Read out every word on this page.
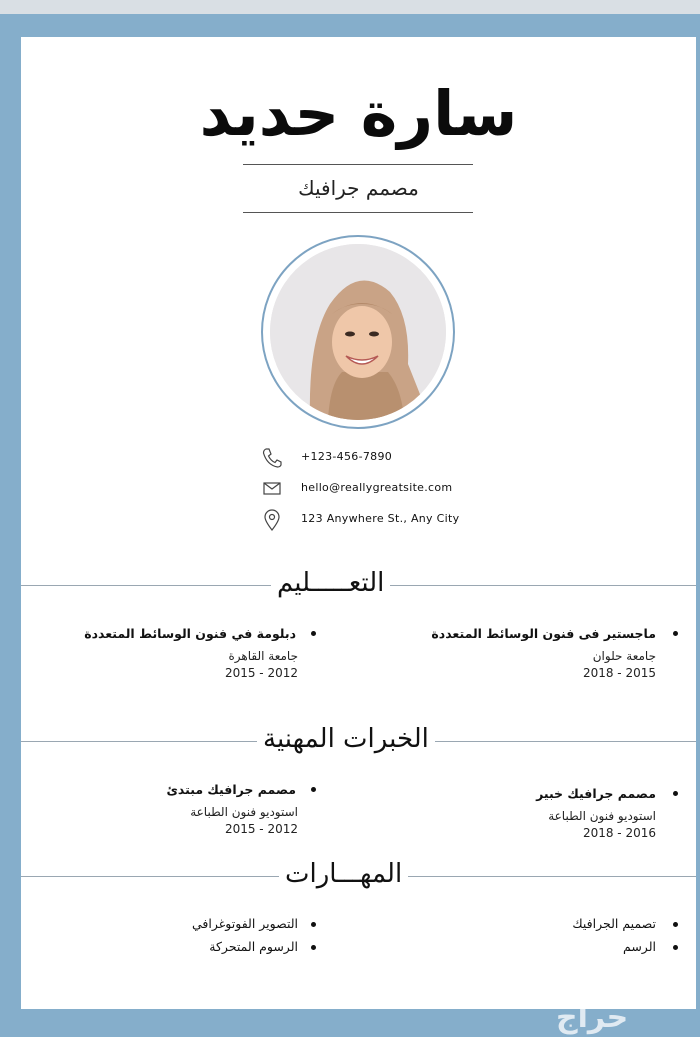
سارة حديد
مصمم جرافيك
+123-456-7890
hello@reallygreatsite.com
123 Anywhere St., Any City
التعـــــليم
ماجستير فى فنون الوسائط المتعددة
جامعة حلوان
2015 - 2018
دبلومة في فنون الوسائط المتعددة
جامعة القاهرة
2012 - 2015
الخبرات المهنية
مصمم جرافيك خبير
استوديو فنون الطباعة
2016 - 2018
مصمم جرافيك مبتدئ
استوديو فنون الطباعة
2012 - 2015
المهـــارات
تصميم الجرافيك
الرسم
التصوير الفوتوغرافي
الرسوم المتحركة
حراج
